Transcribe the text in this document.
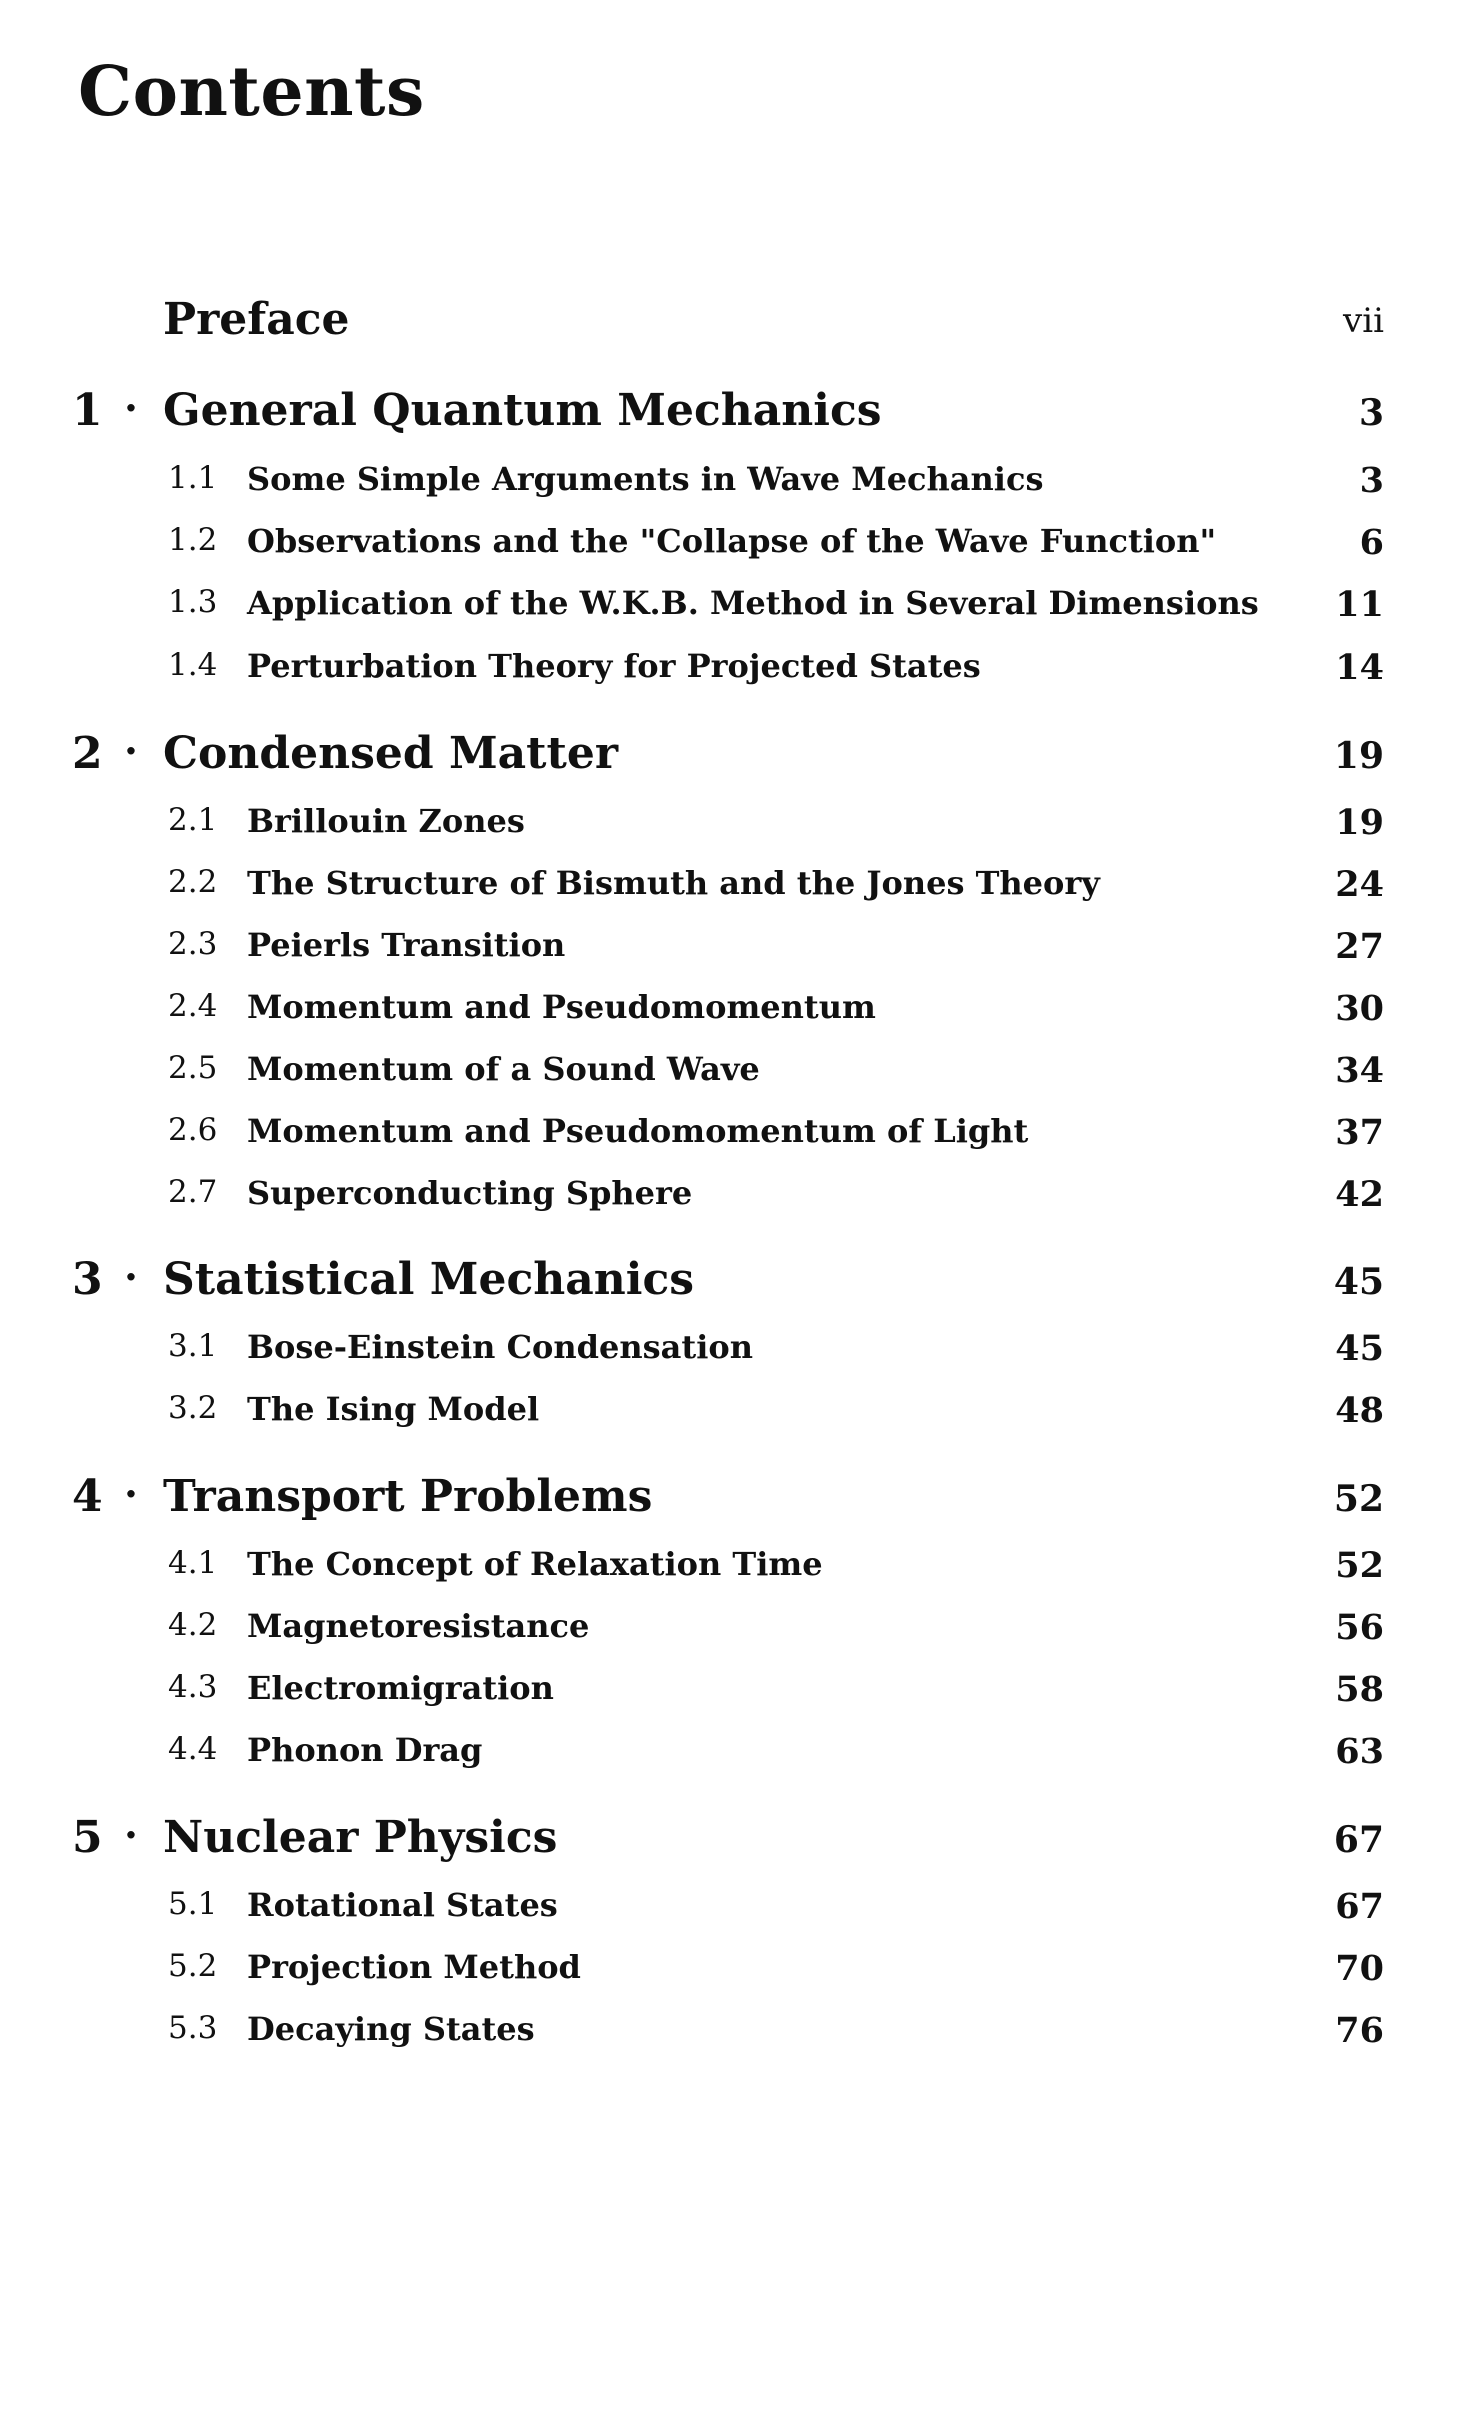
Contents
Preface	vii
1 · General Quantum Mechanics	3
1.1 Some Simple Arguments in Wave Mechanics	3
1.2 Observations and the "Collapse of the Wave Function"	6
1.3 Application of the W.K.B. Method in Several Dimensions 11
1.4 Perturbation Theory for Projected States	14
2 · Condensed Matter	19
2.1 Brillouin Zones	19
2.2 The Structure of Bismuth and the Jones Theory	24
2.3 Peierls Transition	27
2.4 Momentum and Pseudomomentum	30
2.5 Momentum of a Sound Wave	34
2.6 Momentum and Pseudomomentum of Light	37
2.7 Superconducting Sphere	42
3 · Statistical Mechanics	45
3.1 Bose-Einstein Condensation	45
3.2 The Ising Model	48
4 · Transport Problems	52
4.1 The Concept of Relaxation Time	52
4.2 Magnetoresistance	56
4.3 Electromigration	58
4.4 Phonon Drag	63
5 · Nuclear Physics	67
5.1 Rotational States	67
5.2 Projection Method	70
5.3 Decaying States	76
